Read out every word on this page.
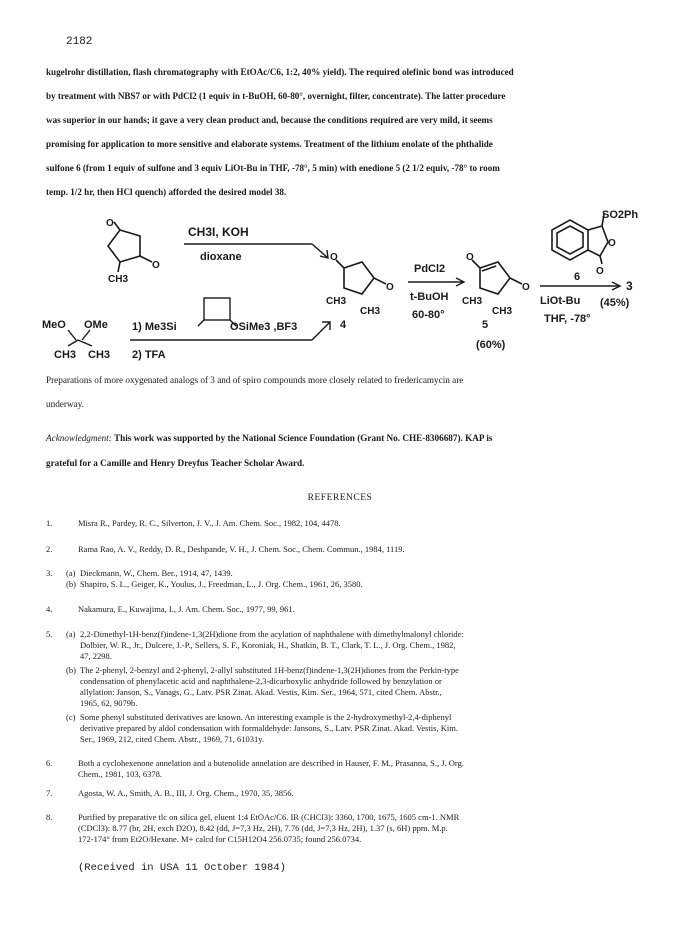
2182
kugelrohr distillation, flash chromatography with EtOAc/C6, 1:2, 40% yield). The required olefinic bond was introduced
by treatment with NBS7 or with PdCl2 (1 equiv in t-BuOH, 60-80°, overnight, filter, concentrate). The latter procedure
was superior in our hands; it gave a very clean product and, because the conditions required are very mild, it seems
promising for application to more sensitive and elaborate systems. Treatment of the lithium enolate of the phthalide
sulfone 6 (from 1 equiv of sulfone and 3 equiv LiOt-Bu in THF, -78°, 5 min) with enedione 5 (2 1/2 equiv, -78° to room
temp. 1/2 hr, then HCl quench) afforded the desired model 38.
O
O
CH3
CH3I, KOH
dioxane
MeO OMe
CH3 CH3
1) Me3Si	OSiMe3 ,BF3
2) TFA
O
O
CH3
CH3
4
PdCl2
t-BuOH
60-80°
O
O
CH3
CH3
5
(60%)
SO2Ph
O
O
6
3
LiOt-Bu (45%)
THF, -78°
Preparations of more oxygenated analogs of 3 and of spiro compounds more closely related to fredericamycin are
underway.
Acknowledgment: This work was supported by the National Science Foundation (Grant No. CHE-8306687). KAP is
grateful for a Camille and Henry Dreyfus Teacher Scholar Award.
REFERENCES
1.	Misra R., Pardey, R. C., Silverton, J. V., J. Am. Chem. Soc., 1982, 104, 4478.
2.	Rama Rao, A. V., Reddy, D. R., Deshpande, V. H., J. Chem. Soc., Chem. Commun., 1984, 1119.
3. (a) Dieckmann, W., Chem. Ber., 1914, 47, 1439.
(b) Shapiro, S. L., Geiger, K., Youlus, J., Freedman, L., J. Org. Chem., 1961, 26, 3580.
4.	Nakamura, E., Kuwajima, I., J. Am. Chem. Soc., 1977, 99, 961.
5. (a) 2,2-Dimethyl-1H-benz(f)indene-1,3(2H)dione from the acylation of naphthalene with dimethylmalonyl chloride:
Dolbier, W. R., Jr., Dulcere, J.-P., Sellers, S. F., Koroniak, H., Shatkin, B. T., Clark, T. L., J. Org. Chem., 1982,
47, 2298.
(b) The 2-phenyl, 2-benzyl and 2-phenyl, 2-allyl substituted 1H-benz(f)indene-1,3(2H)diones from the Perkin-type
condensation of phenylacetic acid and naphthalene-2,3-dicarboxylic anhydride followed by benzylation or
allylation: Janson, S., Vanags, G., Latv. PSR Zinat. Akad. Vestis, Kim. Ser., 1964, 571, cited Chem. Abstr.,
1965, 62, 9079b.
(c) Some phenyl substituted derivatives are known. An interesting example is the 2-hydroxymethyl-2,4-diphenyl
derivative prepared by aldol condensation with formaldehyde: Jansons, S., Latv. PSR Zinat. Akad. Vestis, Kim.
Ser., 1969, 212, cited Chem. Abstr., 1969, 71, 61031y.
6.	Both a cyclohexenone annelation and a butenolide annelation are described in Hauser, F. M., Prasanna, S., J. Org.
Chem., 1981, 103, 6378.
7.	Agosta, W. A., Smith, A. B., III, J. Org. Chem., 1970, 35, 3856.
8.	Purified by preparative tlc on silica gel, eluent 1:4 EtOAc/C6. IR (CHCl3): 3360, 1700, 1675, 1605 cm-1. NMR
(CDCl3): 8.77 (br, 2H, exch D2O), 8.42 (dd, J=7,3 Hz, 2H), 7.76 (dd, J=7,3 Hz, 2H), 1.37 (s, 6H) ppm. M.p.
172-174° from Et2O/Hexane. M+ calcd for C15H12O4 256.0735; found 256.0734.
(Received in USA 11 October 1984)
